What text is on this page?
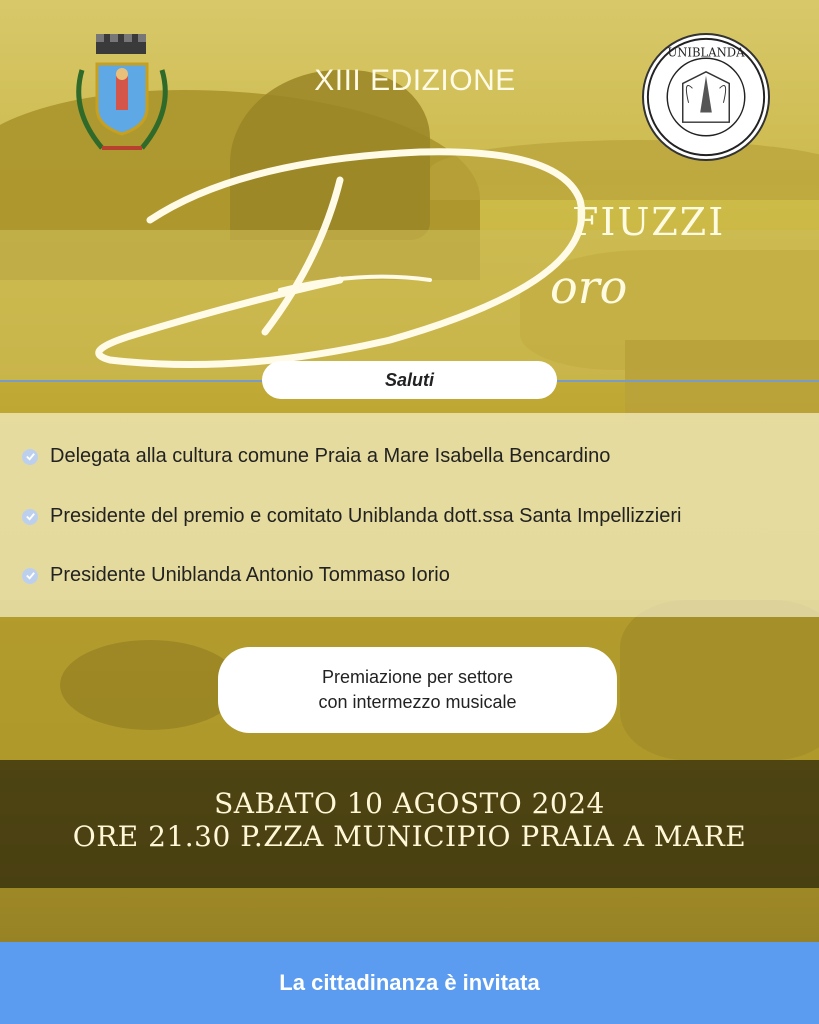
XIII EDIZIONE
UNIBLANDA
FIUZZI
oro
Saluti
Delegata alla cultura comune Praia a Mare Isabella Bencardino
Presidente del premio e comitato Uniblanda dott.ssa Santa Impellizzieri
Presidente Uniblanda Antonio Tommaso Iorio
Premiazione per settore
con intermezzo musicale
SABATO 10 AGOSTO 2024
ORE 21.30 P.ZZA MUNICIPIO PRAIA A MARE
La cittadinanza è invitata
